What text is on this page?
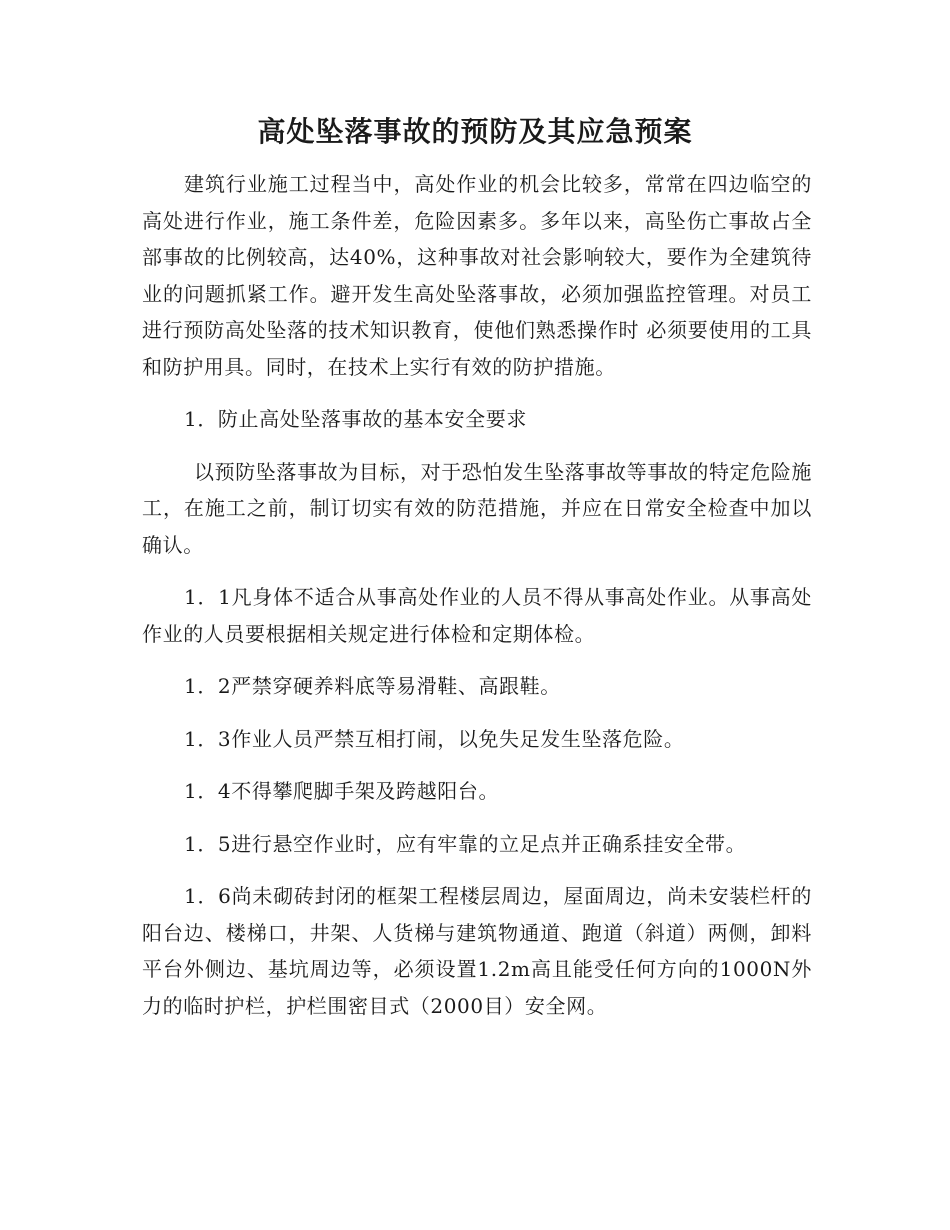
高处坠落事故的预防及其应急预案

建筑行业施工过程当中，高处作业的机会比较多，常常在四边临空的高处进行作业，施工条件差，危险因素多。多年以来，高坠伤亡事故占全部事故的比例较高，达40%，这种事故对社会影响较大，要作为全建筑待业的问题抓紧工作。避开发生高处坠落事故，必须加强监控管理。对员工进行预防高处坠落的技术知识教育，使他们熟悉操作时 必须要使用的工具和防护用具。同时，在技术上实行有效的防护措施。

1．防止高处坠落事故的基本安全要求

以预防坠落事故为目标，对于恐怕发生坠落事故等事故的特定危险施工，在施工之前，制订切实有效的防范措施，并应在日常安全检查中加以确认。

1．1凡身体不适合从事高处作业的人员不得从事高处作业。从事高处作业的人员要根据相关规定进行体检和定期体检。

1．2严禁穿硬养料底等易滑鞋、高跟鞋。

1．3作业人员严禁互相打闹，以免失足发生坠落危险。

1．4不得攀爬脚手架及跨越阳台。

1．5进行悬空作业时，应有牢靠的立足点并正确系挂安全带。

1．6尚未砌砖封闭的框架工程楼层周边，屋面周边，尚未安装栏杆的阳台边、楼梯口，井架、人货梯与建筑物通道、跑道（斜道）两侧，卸料平台外侧边、基坑周边等，必须设置1.2m高且能受任何方向的1000N外力的临时护栏，护栏围密目式（2000目）安全网。
